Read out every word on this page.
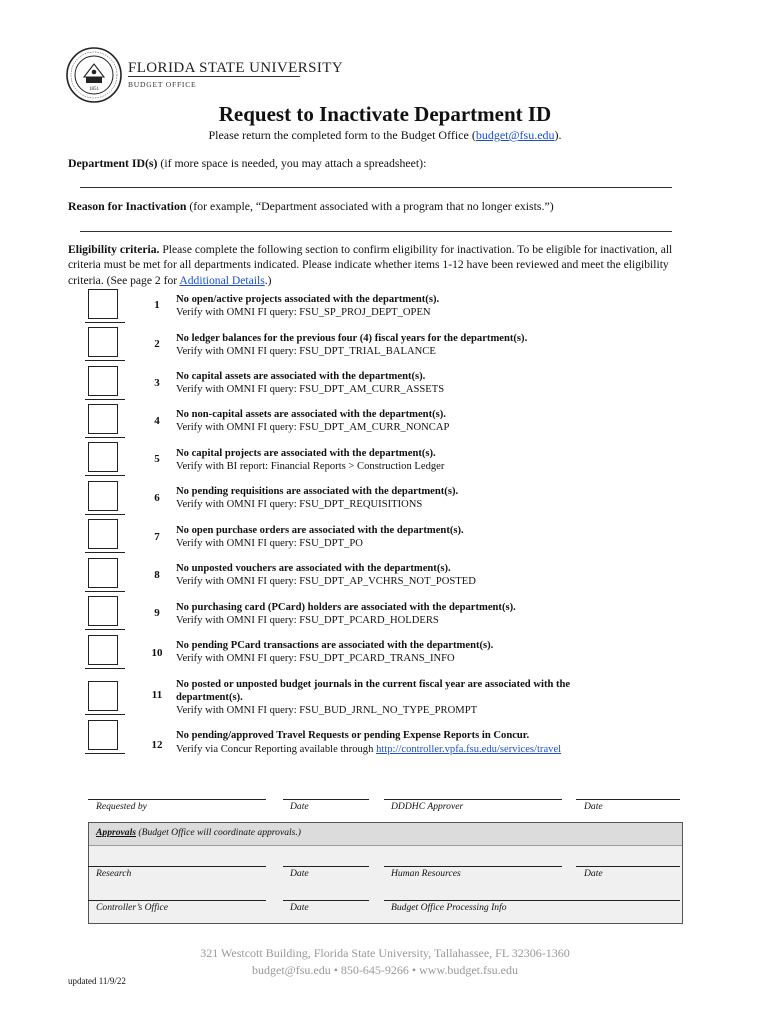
1851
FLORIDA STATE UNIVERSITY
BUDGET OFFICE
Request to Inactivate Department ID
Please return the completed form to the Budget Office (budget@fsu.edu).
Department ID(s) (if more space is needed, you may attach a spreadsheet):
Reason for Inactivation (for example, “Department associated with a program that no longer exists.”)
Eligibility criteria. Please complete the following section to confirm eligibility for inactivation. To be eligible for inactivation, all criteria must be met for all departments indicated. Please indicate whether items 1-12 have been reviewed and meet the eligibility criteria. (See page 2 for Additional Details.)
1	No open/active projects associated with the department(s).
Verify with OMNI FI query: FSU_SP_PROJ_DEPT_OPEN
2	No ledger balances for the previous four (4) fiscal years for the department(s).
Verify with OMNI FI query: FSU_DPT_TRIAL_BALANCE
3
No capital assets are associated with the department(s).
Verify with OMNI FI query: FSU_DPT_AM_CURR_ASSETS
4
No non-capital assets are associated with the department(s).
Verify with OMNI FI query: FSU_DPT_AM_CURR_NONCAP
5	No capital projects are associated with the department(s).
Verify with BI report: Financial Reports > Construction Ledger
6
No pending requisitions are associated with the department(s).
Verify with OMNI FI query: FSU_DPT_REQUISITIONS
7
No open purchase orders are associated with the department(s).
Verify with OMNI FI query: FSU_DPT_PO
8
No unposted vouchers are associated with the department(s).
Verify with OMNI FI query: FSU_DPT_AP_VCHRS_NOT_POSTED
9	No purchasing card (PCard) holders are associated with the department(s).
Verify with OMNI FI query: FSU_DPT_PCARD_HOLDERS
10
No pending PCard transactions are associated with the department(s).
Verify with OMNI FI query: FSU_DPT_PCARD_TRANS_INFO
11
No posted or unposted budget journals in the current fiscal year are associated with the department(s).
Verify with OMNI FI query: FSU_BUD_JRNL_NO_TYPE_PROMPT
12
No pending/approved Travel Requests or pending Expense Reports in Concur.
Verify via Concur Reporting available through http://controller.vpfa.fsu.edu/services/travel
Requested by	Date	DDDHC Approver	Date
Approvals (Budget Office will coordinate approvals.)
Research	Date	Human Resources	Date
Controller’s Office	Date	Budget Office Processing Info
321 Westcott Building, Florida State University, Tallahassee, FL 32306-1360
budget@fsu.edu • 850-645-9266 • www.budget.fsu.edu
updated 11/9/22
